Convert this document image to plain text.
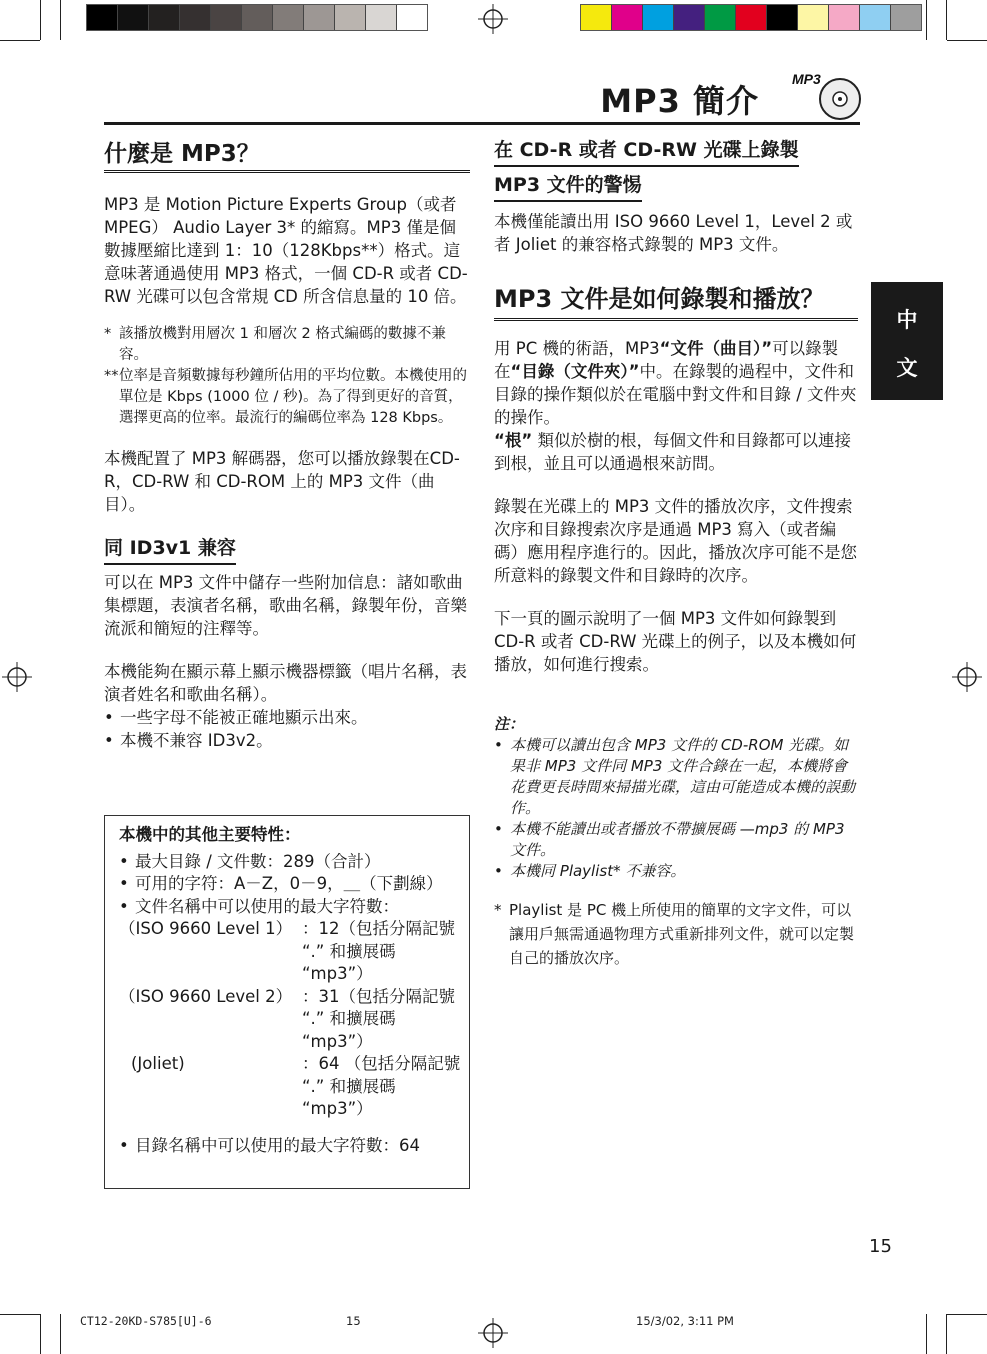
MP3 簡介
MP3
中
文
什麼是 MP3？

MP3 是 Motion Picture Experts Group（或者 MPEG） Audio Layer 3* 的縮寫。MP3 僅是個數據壓縮比達到 1：10（128Kbps**）格式。這意味著通過使用 MP3 格式，一個 CD-R 或者 CD-RW 光碟可以包含常規 CD 所含信息量的 10 倍。

* 該播放機對用層次 1 和層次 2 格式編碼的數據不兼容。
** 位率是音頻數據每秒鐘所佔用的平均位數。本機使用的單位是 Kbps (1000 位 / 秒)。為了得到更好的音質，選擇更高的位率。最流行的編碼位率為 128 Kbps。

本機配置了 MP3 解碼器，您可以播放錄製在CD-R，CD-RW 和 CD-ROM 上的 MP3 文件（曲目）。

同 ID3v1 兼容

可以在 MP3 文件中儲存一些附加信息：諸如歌曲集標題，表演者名稱，歌曲名稱，錄製年份，音樂流派和簡短的注釋等。

本機能夠在顯示幕上顯示機器標籤（唱片名稱，表演者姓名和歌曲名稱）。

• 一些字母不能被正確地顯示出來。
• 本機不兼容 ID3v2。
本機中的其他主要特性：
• 最大目錄 / 文件數：289（合計）
• 可用的字符：A－Z，0－9，＿（下劃線）
• 文件名稱中可以使用的最大字符數：
（ISO 9660 Level 1） ：12（包括分隔記號 “.” 和擴展碼 “mp3”）
（ISO 9660 Level 2） ：31（包括分隔記號 “.” 和擴展碼 “mp3”）
(Joliet)	：64 （包括分隔記號 “.” 和擴展碼 “mp3”）
• 目錄名稱中可以使用的最大字符數：64
在 CD-R 或者 CD-RW 光碟上錄製
MP3 文件的警惕

本機僅能讀出用 ISO 9660 Level 1，Level 2 或者 Joliet 的兼容格式錄製的 MP3 文件。

MP3 文件是如何錄製和播放？

用 PC 機的術語，MP3“文件（曲目）”可以錄製在“目錄（文件夾）”中。在錄製的過程中，文件和目錄的操作類似於在電腦中對文件和目錄 / 文件夾的操作。

“根” 類似於樹的根，每個文件和目錄都可以連接到根，並且可以通過根來訪問。

錄製在光碟上的 MP3 文件的播放次序，文件搜索次序和目錄搜索次序是通過 MP3 寫入（或者編碼）應用程序進行的。因此，播放次序可能不是您所意料的錄製文件和目錄時的次序。

下一頁的圖示說明了一個 MP3 文件如何錄製到 CD-R 或者 CD-RW 光碟上的例子，以及本機如何播放，如何進行搜索。

注：
• 本機可以讀出包含 MP3 文件的 CD-ROM 光碟。如果非 MP3 文件同 MP3 文件合錄在一起，本機將會花費更長時間來掃描光碟，這由可能造成本機的誤動作。
• 本機不能讀出或者播放不帶擴展碼 —mp3 的 MP3 文件。
• 本機同 Playlist* 不兼容。
* Playlist 是 PC 機上所使用的簡單的文字文件，可以讓用戶無需通過物理方式重新排列文件，就可以定製自己的播放次序。
15
CT12-20KD-S785[U]-6	15	15/3/02, 3:11 PM
